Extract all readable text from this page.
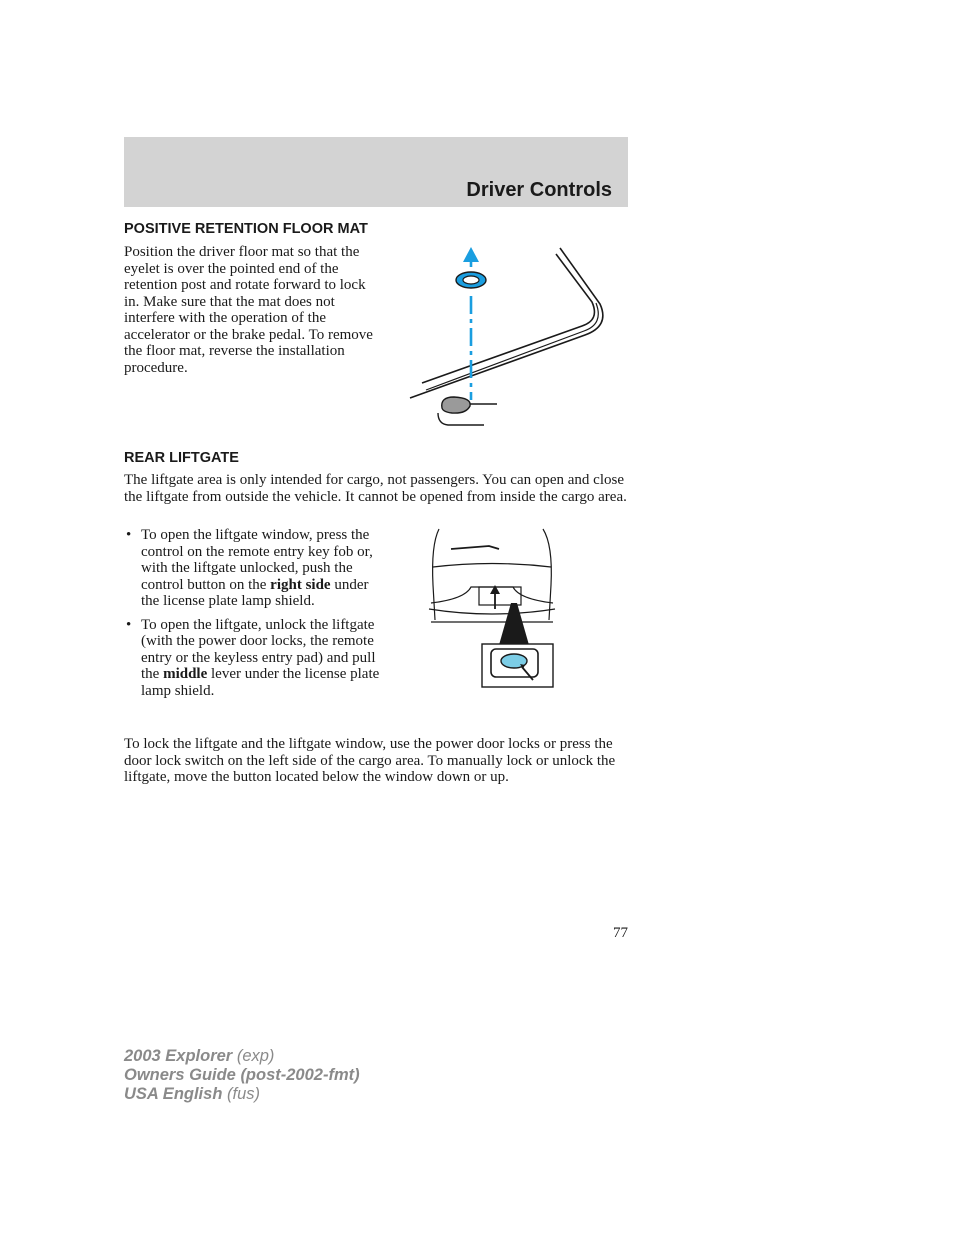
Driver Controls
POSITIVE RETENTION FLOOR MAT

Position the driver floor mat so that the eyelet is over the pointed end of the retention post and rotate forward to lock in. Make sure that the mat does not interfere with the operation of the accelerator or the brake pedal. To remove the floor mat, reverse the installation procedure.

REAR LIFTGATE

The liftgate area is only intended for cargo, not passengers. You can open and close the liftgate from outside the vehicle. It cannot be opened from inside the cargo area.

• To open the liftgate window, press the control on the remote entry key fob or, with the liftgate unlocked, push the control button on the right side under the license plate lamp shield.
• To open the liftgate, unlock the liftgate (with the power door locks, the remote entry or the keyless entry pad) and pull the middle lever under the license plate lamp shield.

To lock the liftgate and the liftgate window, use the power door locks or press the door lock switch on the left side of the cargo area. To manually lock or unlock the liftgate, move the button located below the window down or up.

77
2003 Explorer (exp)
Owners Guide (post-2002-fmt)
USA English (fus)
